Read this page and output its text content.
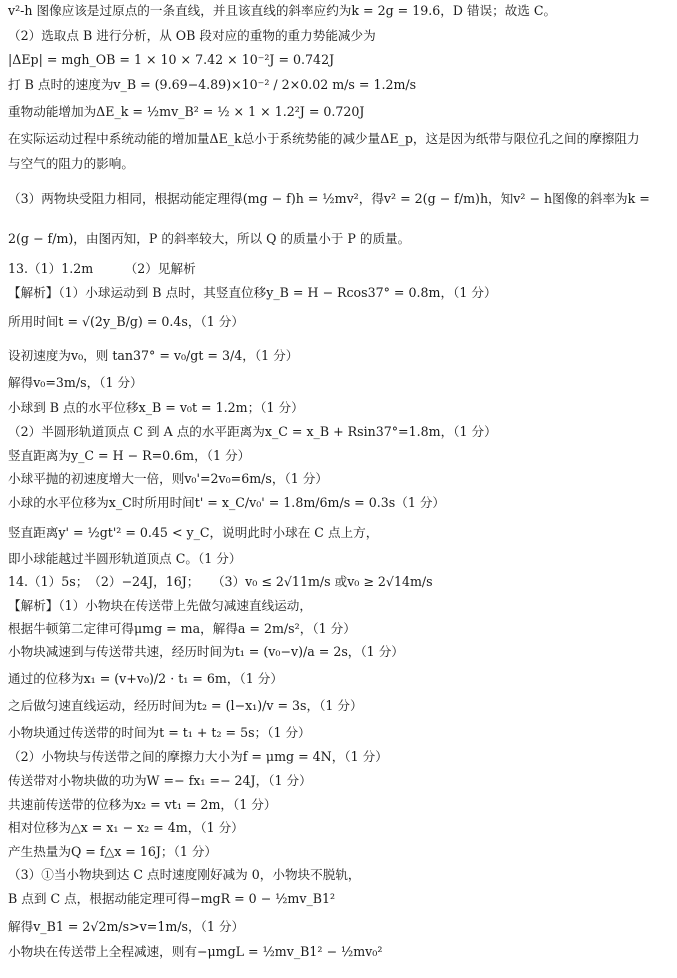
v²-h 图像应该是过原点的一条直线，并且该直线的斜率应约为k = 2g = 19.6，D 错误；故选 C。
（2）选取点 B 进行分析，从 OB 段对应的重物的重力势能减少为
|ΔEp| = mgh_OB = 1 × 10 × 7.42 × 10⁻²J = 0.742J
打 B 点时的速度为v_B = (9.69−4.89)×10⁻² / 2×0.02 m/s = 1.2m/s
重物动能增加为ΔE_k = ½mv_B² = ½ × 1 × 1.2²J = 0.720J
在实际运动过程中系统动能的增加量ΔE_k总小于系统势能的减少量ΔE_p，这是因为纸带与限位孔之间的摩擦阻力
与空气的阻力的影响。
（3）两物块受阻力相同，根据动能定理得(mg − f)h = ½mv²，得v² = 2(g − f/m)h，知v² − h图像的斜率为k =
2(g − f/m)，由图丙知，P 的斜率较大，所以 Q 的质量小于 P 的质量。
13.（1）1.2m　　　（2）见解析
【解析】（1）小球运动到 B 点时，其竖直位移y_B = H − Rcos37° = 0.8m，（1 分）
所用时间t = √(2y_B/g) = 0.4s，（1 分）
设初速度为v₀，则 tan37° = v₀/gt = 3/4，（1 分）
解得v₀=3m/s，（1 分）
小球到 B 点的水平位移x_B = v₀t = 1.2m；（1 分）
（2）半圆形轨道顶点 C 到 A 点的水平距离为x_C = x_B + Rsin37°=1.8m，（1 分）
竖直距离为y_C = H − R=0.6m，（1 分）
小球平抛的初速度增大一倍，则v₀'=2v₀=6m/s，（1 分）
小球的水平位移为x_C时所用时间t' = x_C/v₀' = 1.8m/6m/s = 0.3s（1 分）
竖直距离y' = ½gt'² = 0.45 < y_C，说明此时小球在 C 点上方，
即小球能越过半圆形轨道顶点 C。（1 分）
14.（1）5s；　（2）−24J，16J；　　（3）v₀ ≤ 2√11m/s 或v₀ ≥ 2√14m/s
【解析】（1）小物块在传送带上先做匀减速直线运动，
根据牛顿第二定律可得μmg = ma，解得a = 2m/s²，（1 分）
小物块减速到与传送带共速，经历时间为t₁ = (v₀−v)/a = 2s，（1 分）
通过的位移为x₁ = (v+v₀)/2 · t₁ = 6m，（1 分）
之后做匀速直线运动，经历时间为t₂ = (l−x₁)/v = 3s，（1 分）
小物块通过传送带的时间为t = t₁ + t₂ = 5s；（1 分）
（2）小物块与传送带之间的摩擦力大小为f = μmg = 4N，（1 分）
传送带对小物块做的功为W =− fx₁ =− 24J，（1 分）
共速前传送带的位移为x₂ = vt₁ = 2m，（1 分）
相对位移为△x = x₁ − x₂ = 4m，（1 分）
产生热量为Q = f△x = 16J；（1 分）
（3）①当小物块到达 C 点时速度刚好减为 0，小物块不脱轨，
B 点到 C 点，根据动能定理可得−mgR = 0 − ½mv_B1²
解得v_B1 = 2√2m/s>v=1m/s，（1 分）
小物块在传送带上全程减速，则有−μmgL = ½mv_B1² − ½mv₀²
